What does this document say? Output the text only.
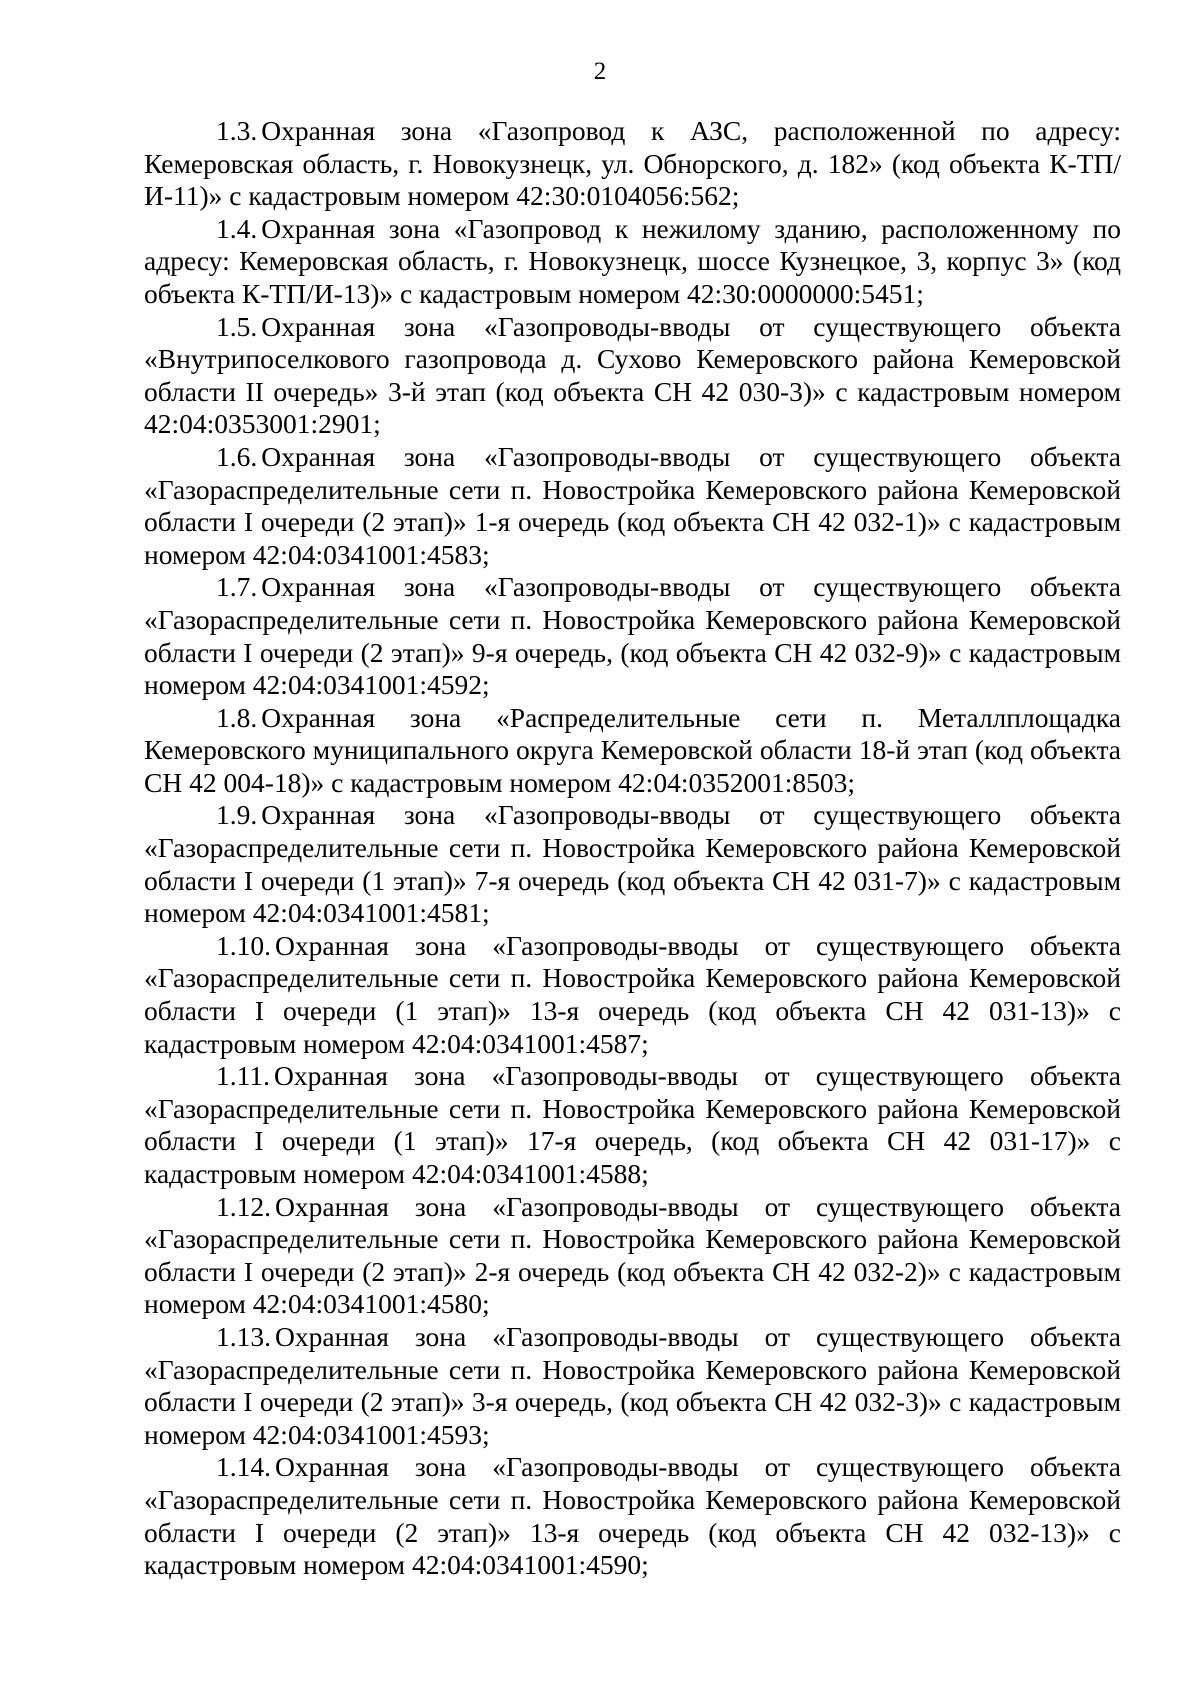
2

1.3. Охранная зона «Газопровод к АЗС, расположенной по адресу: Кемеровская область, г. Новокузнецк, ул. Обнорского, д. 182» (код объекта К-ТП/И-11)» с кадастровым номером 42:30:0104056:562;

1.4. Охранная зона «Газопровод к нежилому зданию, расположенному по адресу: Кемеровская область, г. Новокузнецк, шоссе Кузнецкое, 3, корпус 3» (код объекта К-ТП/И-13)» с кадастровым номером 42:30:0000000:5451;

1.5. Охранная зона «Газопроводы-вводы от существующего объекта «Внутрипоселкового газопровода д. Сухово Кемеровского района Кемеровской области II очередь» 3-й этап (код объекта СН 42 030-3)» с кадастровым номером 42:04:0353001:2901;

1.6. Охранная зона «Газопроводы-вводы от существующего объекта «Газораспределительные сети п. Новостройка Кемеровского района Кемеровской области I очереди (2 этап)» 1-я очередь (код объекта СН 42 032-1)» с кадастровым номером 42:04:0341001:4583;

1.7. Охранная зона «Газопроводы-вводы от существующего объекта «Газораспределительные сети п. Новостройка Кемеровского района Кемеровской области I очереди (2 этап)» 9-я очередь, (код объекта СН 42 032-9)» с кадастровым номером 42:04:0341001:4592;

1.8. Охранная зона «Распределительные сети п. Металлплощадка Кемеровского муниципального округа Кемеровской области 18-й этап (код объекта СН 42 004-18)» с кадастровым номером 42:04:0352001:8503;

1.9. Охранная зона «Газопроводы-вводы от существующего объекта «Газораспределительные сети п. Новостройка Кемеровского района Кемеровской области I очереди (1 этап)» 7-я очередь (код объекта СН 42 031-7)» с кадастровым номером 42:04:0341001:4581;

1.10. Охранная зона «Газопроводы-вводы от существующего объекта «Газораспределительные сети п. Новостройка Кемеровского района Кемеровской области I очереди (1 этап)» 13-я очередь (код объекта СН 42 031-13)» с кадастровым номером 42:04:0341001:4587;

1.11. Охранная зона «Газопроводы-вводы от существующего объекта «Газораспределительные сети п. Новостройка Кемеровского района Кемеровской области I очереди (1 этап)» 17-я очередь, (код объекта СН 42 031-17)» с кадастровым номером 42:04:0341001:4588;

1.12. Охранная зона «Газопроводы-вводы от существующего объекта «Газораспределительные сети п. Новостройка Кемеровского района Кемеровской области I очереди (2 этап)» 2-я очередь (код объекта СН 42 032-2)» с кадастровым номером 42:04:0341001:4580;

1.13. Охранная зона «Газопроводы-вводы от существующего объекта «Газораспределительные сети п. Новостройка Кемеровского района Кемеровской области I очереди (2 этап)» 3-я очередь, (код объекта СН 42 032-3)» с кадастровым номером 42:04:0341001:4593;

1.14. Охранная зона «Газопроводы-вводы от существующего объекта «Газораспределительные сети п. Новостройка Кемеровского района Кемеровской области I очереди (2 этап)» 13-я очередь (код объекта СН 42 032-13)» с кадастровым номером 42:04:0341001:4590;
